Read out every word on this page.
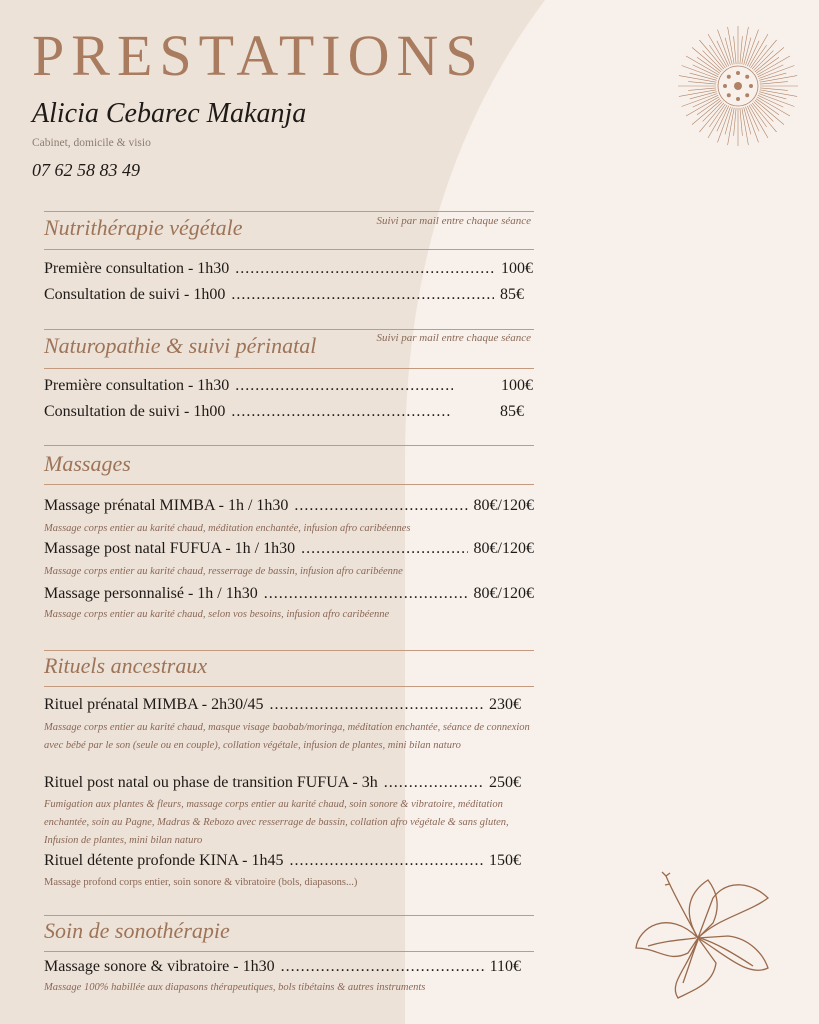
PRESTATIONS
Alicia Cebarec Makanja
Cabinet, domicile & visio
07 62 58 83 49
Nutrithérapie végétale	Suivi par mail entre chaque séance
Première consultation - 1h30 .....	100€
Consultation de suivi - 1h00 .....	85€
Naturopathie & suivi périnatal	Suivi par mail entre chaque séance
Première consultation - 1h30 .....	100€
Consultation de suivi - 1h00 .....	85€
Massages
Massage prénatal MIMBA - 1h / 1h30 .....	80€/120€
Massage corps entier au karité chaud, méditation enchantée, infusion afro caribéennes
Massage post natal FUFUA - 1h / 1h30 .....	80€/120€
Massage corps entier au karité chaud, resserrage de bassin, infusion afro caribéenne
Massage personnalisé - 1h / 1h30 .....	80€/120€
Massage corps entier au karité chaud, selon vos besoins, infusion afro caribéenne
Rituels ancestraux
Rituel prénatal MIMBA - 2h30/45 .....	230€
Massage corps entier au karité chaud, masque visage baobab/moringa, méditation enchantée, séance de connexion avec bébé par le son (seule ou en couple), collation végétale, infusion de plantes, mini bilan naturo
Rituel post natal ou phase de transition FUFUA - 3h .....	250€
Fumigation aux plantes & fleurs, massage corps entier au karité chaud, soin sonore & vibratoire, méditation enchantée, soin au Pagne, Madras & Rebozo avec resserrage de bassin, collation afro végétale & sans gluten, Infusion de plantes, mini bilan naturo
Rituel détente profonde KINA - 1h45 .....	150€
Massage profond corps entier, soin sonore & vibratoire (bols, diapasons...)
Soin de sonothérapie
Massage sonore & vibratoire - 1h30 .....	110€
Massage 100% habillée aux diapasons thérapeutiques, bols tibétains & autres instruments
